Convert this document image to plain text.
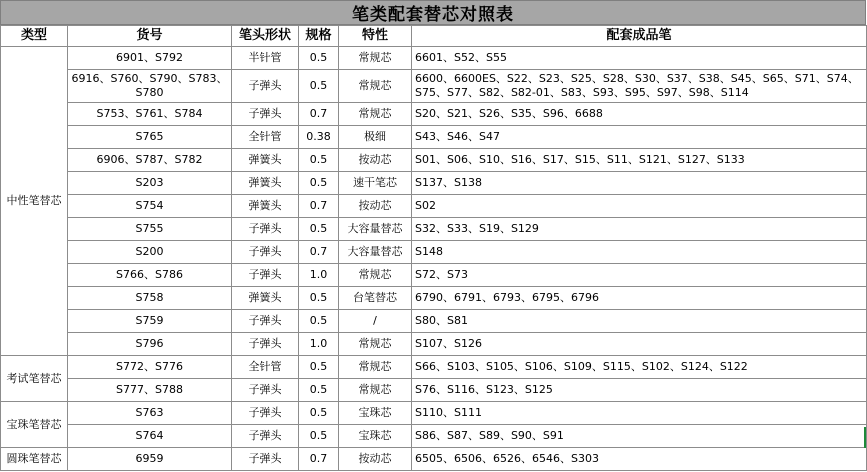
笔类配套替芯对照表
类型	货号	笔头形状	规格	特性	配套成品笔
中性笔替芯	6901、S792	半针管	0.5	常规芯	6601、S52、S55
	6916、S760、S790、S783、S780	子弹头	0.5	常规芯	6600、6600ES、S22、S23、S25、S28、S30、S37、S38、S45、S65、S71、S74、S75、S77、S82、S82-01、S83、S93、S95、S97、S98、S114
	S753、S761、S784	子弹头	0.7	常规芯	S20、S21、S26、S35、S96、6688
	S765	全针管	0.38	极细	S43、S46、S47
	6906、S787、S782	弹簧头	0.5	按动芯	S01、S06、S10、S16、S17、S15、S11、S121、S127、S133
	S203	弹簧头	0.5	速干笔芯	S137、S138
	S754	弹簧头	0.7	按动芯	S02
	S755	子弹头	0.5	大容量替芯	S32、S33、S19、S129
	S200	子弹头	0.7	大容量替芯	S148
	S766、S786	子弹头	1.0	常规芯	S72、S73
	S758	弹簧头	0.5	台笔替芯	6790、6791、6793、6795、6796
	S759	子弹头	0.5	/	S80、S81
	S796	子弹头	1.0	常规芯	S107、S126
考试笔替芯	S772、S776	全针管	0.5	常规芯	S66、S103、S105、S106、S109、S115、S102、S124、S122
	S777、S788	子弹头	0.5	常规芯	S76、S116、S123、S125
宝珠笔替芯	S763	子弹头	0.5	宝珠芯	S110、S111
	S764	子弹头	0.5	宝珠芯	S86、S87、S89、S90、S91
圆珠笔替芯	6959	子弹头	0.7	按动芯	6505、6506、6526、6546、S303
